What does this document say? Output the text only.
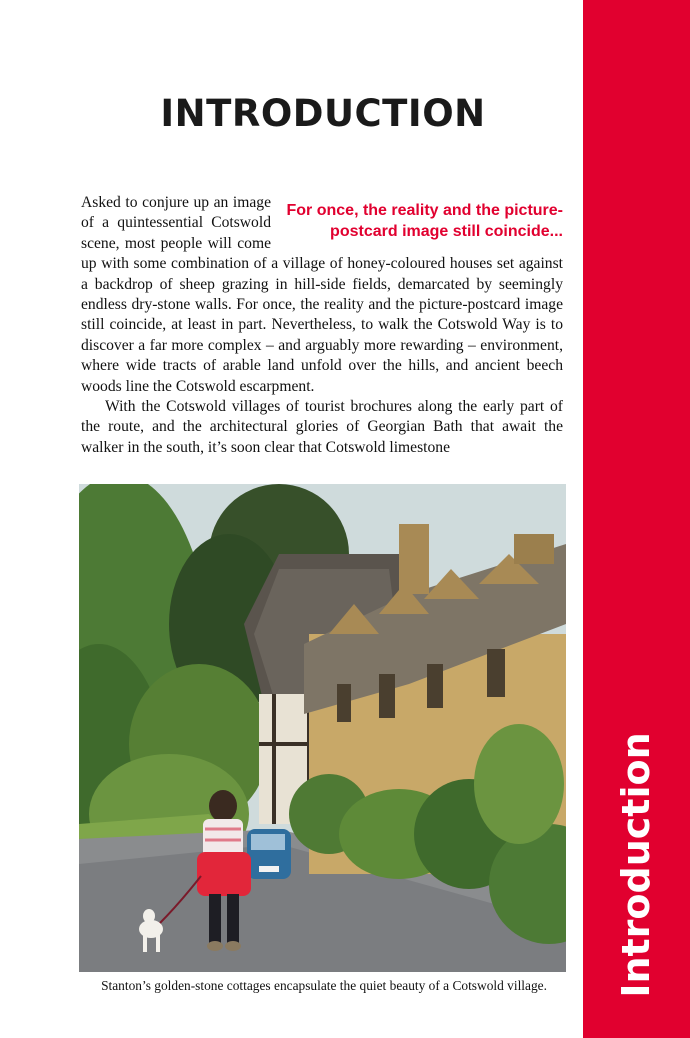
Introduction
INTRODUCTION
For once, the reality and the picture-postcard image still coincide...

Asked to conjure up an image of a quintessential Cotswold scene, most people will come up with some combination of a village of honey-coloured houses set against a backdrop of sheep grazing in hill-side fields, demarcated by seemingly endless dry-stone walls. For once, the reality and the picture-postcard image still coincide, at least in part. Nevertheless, to walk the Cotswold Way is to discover a far more complex – and arguably more rewarding – environment, where wide tracts of arable land unfold over the hills, and ancient beech woods line the Cotswold escarpment.

With the Cotswold villages of tourist brochures along the early part of the route, and the architectural glories of Georgian Bath that await the walker in the south, it’s soon clear that Cotswold limestone

Stanton’s golden-stone cottages encapsulate the quiet beauty of a Cotswold village.
